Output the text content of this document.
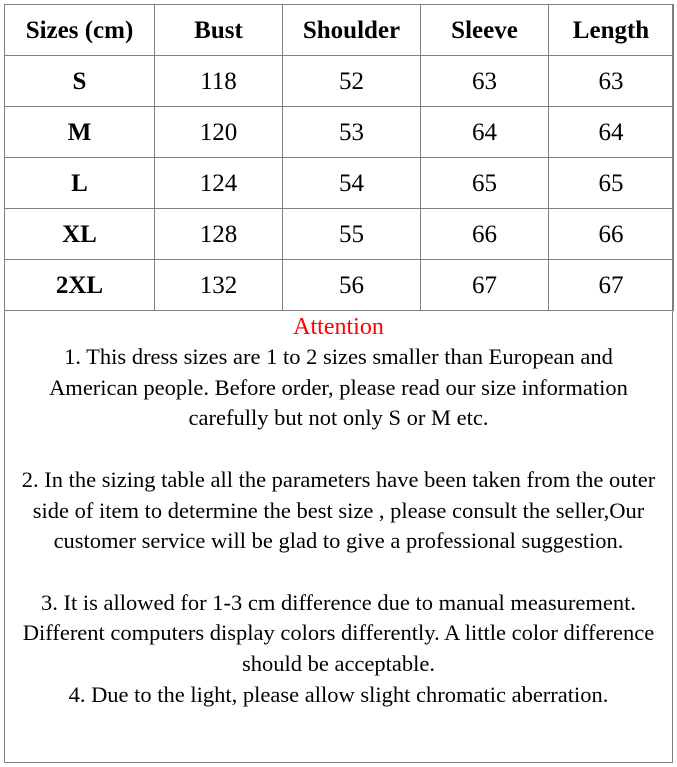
Sizes (cm)	Bust	Shoulder	Sleeve	Length
S	118	52	63	63
M	120	53	64	64
L	124	54	65	65
XL	128	55	66	66
2XL	132	56	67	67
Attention

1. This dress sizes are 1 to 2 sizes smaller than European and American people. Before order, please read our size information carefully but not only S or M etc.

2. In the sizing table all the parameters have been taken from the outer side of item to determine the best size , please consult the seller,Our customer service will be glad to give a professional suggestion.

3. It is allowed for 1-3 cm difference due to manual measurement. Different computers display colors differently. A little color difference should be acceptable.

4. Due to the light, please allow slight chromatic aberration.
